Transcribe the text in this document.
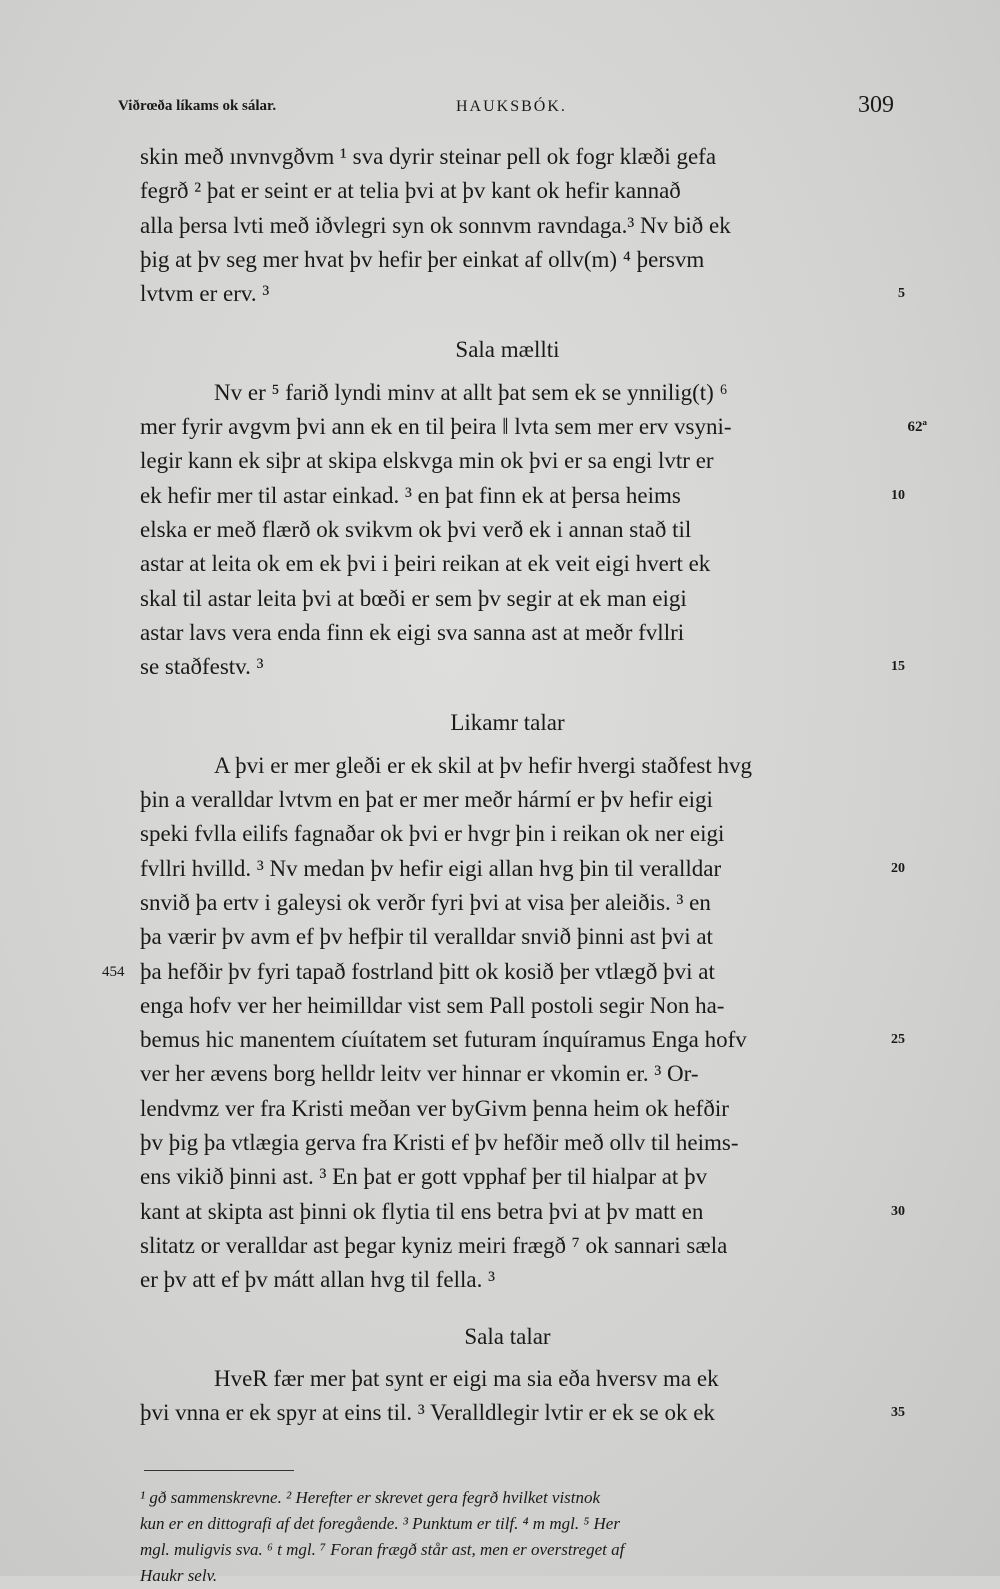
Viðrœða líkams ok sálar.	HAUKSBÓK.	309
skin með ınvnvgðvm ¹ sva dyrir steinar pell ok fogr klæði gefa
fegrð ² þat er seint er at telia þvi at þv kant ok hefir kannað
alla þersa lvti með iðvlegri syn ok sonnvm ravndaga.³ Nv bið ek
þig at þv seg mer hvat þv hefir þer einkat af ollv(m) ⁴ þersvm
lvtvm er erv. ³	5
Sala mællti
Nv er ⁵ farið lyndi minv at allt þat sem ek se ynnilig(t) ⁶
mer fyrir avgvm þvi ann ek en til þeira ‖ lvta sem mer erv vsyni-	62ª
legir kann ek siþr at skipa elskvga min ok þvi er sa engi lvtr er
ek hefir mer til astar einkad. ³ en þat finn ek at þersa heims	10
elska er með flærð ok svikvm ok þvi verð ek i annan stað til
astar at leita ok em ek þvi i þeiri reikan at ek veit eigi hvert ek
skal til astar leita þvi at bœði er sem þv segir at ek man eigi
astar lavs vera enda finn ek eigi sva sanna ast at meðr fvllri
se staðfestv. ³	15
Likamr talar
A þvi er mer gleði er ek skil at þv hefir hvergi staðfest hvg
þin a veralldar lvtvm en þat er mer meðr hármí er þv hefir eigi
speki fvlla eilifs fagnaðar ok þvi er hvgr þin i reikan ok ner eigi
fvllri hvilld. ³ Nv medan þv hefir eigi allan hvg þin til veralldar	20
snvið þa ertv i galeysi ok verðr fyri þvi at visa þer aleiðis. ³ en
þa værir þv avm ef þv hefþir til veralldar snvið þinni ast þvi at
þa hefðir þv fyri tapað fostrland þitt ok kosið þer vtlægð þvi at
454
enga hofv ver her heimilldar vist sem Pall postoli segir Non ha-
bemus hic manentem cíuítatem set futuram ínquíramus Enga hofv	25
ver her ævens borg helldr leitv ver hinnar er vkomin er. ³ Or-
lendvmz ver fra Kristi meðan ver byGivm þenna heim ok hefðir
þv þig þa vtlægia gerva fra Kristi ef þv hefðir með ollv til heims-
ens vikið þinni ast. ³ En þat er gott vpphaf þer til hialpar at þv
kant at skipta ast þinni ok flytia til ens betra þvi at þv matt en	30
slitatz or veralldar ast þegar kyniz meiri frægð ⁷ ok sannari sæla
er þv att ef þv mátt allan hvg til fella. ³
Sala talar
HveR fær mer þat synt er eigi ma sia eða hversv ma ek
þvi vnna er ek spyr at eins til. ³ Veralldlegir lvtir er ek se ok ek	35
¹ gð sammenskrevne. ² Herefter er skrevet gera fegrð hvilket vistnok
kun er en dittografi af det foregående. ³ Punktum er tilf. ⁴ m mgl. ⁵ Her
mgl. muligvis sva. ⁶ t mgl. ⁷ Foran frægð står ast, men er overstreget af
Haukr selv.
